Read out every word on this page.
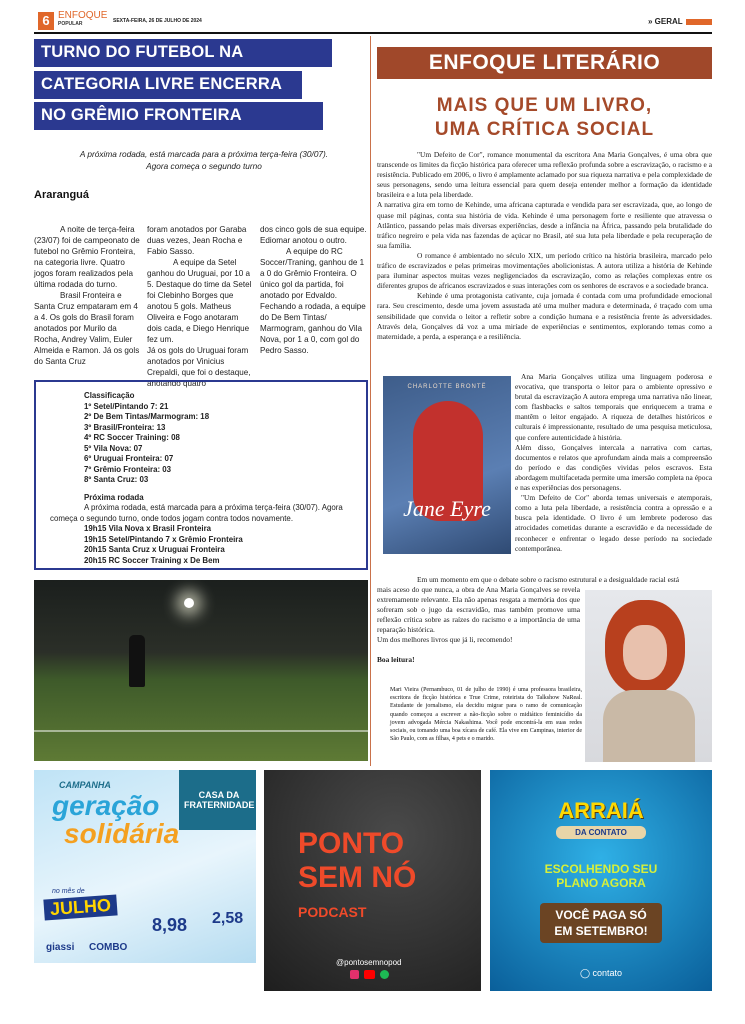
6 ENFOQUE
POPULAR	SEXTA-FEIRA, 26 DE JULHO DE 2024	» GERAL
TURNO DO FUTEBOL NA
CATEGORIA LIVRE ENCERRA
NO GRÊMIO FRONTEIRA
A próxima rodada, está marcada para a próxima terça-feira (30/07).
Agora começa o segundo turno
Araranguá

A noite de terça-feira (23/07) foi de campeonato de futebol no Grêmio Fronteira, na categoria livre. Quatro jogos foram realizados pela última rodada do turno.

Brasil Fronteira e Santa Cruz empataram em 4 a 4. Os gols do Brasil foram anotados por Murilo da Rocha, Andrey Valim, Euler Almeida e Ramon. Já os gols do Santa Cruz

foram anotados por Garaba duas vezes, Jean Rocha e Fabio Sasso.

A equipe da Setel ganhou do Uruguai, por 10 a 5. Destaque do time da Setel foi Clebinho Borges que anotou 5 gols. Matheus Oliveira e Fogo anotaram dois cada, e Diego Henrique fez um.

Já os gols do Uruguai foram anotados por Vinicius Crepaldi, que foi o destaque, anotando quatro

dos cinco gols de sua equipe. Ediomar anotou o outro.

A equipe do RC Soccer/Traning, ganhou de 1 a 0 do Grêmio Fronteira. O único gol da partida, foi anotado por Edvaldo. Fechando a rodada, a equipe do De Bem Tintas/ Marmogram, ganhou do Vila Nova, por 1 a 0, com gol do Pedro Sasso.

Classificação
1º Setel/Pintando 7: 21
2º De Bem Tintas/Marmogram: 18
3º Brasil/Fronteira: 13
4º RC Soccer Training: 08
5º Vila Nova: 07
6º Uruguai Fronteira: 07
7º Grêmio Fronteira: 03
8º Santa Cruz: 03
Próxima rodada
A próxima rodada, está marcada para a próxima terça-feira (30/07). Agora começa o segundo turno, onde todos jogam contra todos novamente.
19h15 Vila Nova x Brasil Fronteira
19h15 Setel/Pintando 7 x Grêmio Fronteira
20h15 Santa Cruz x Uruguai Fronteira
20h15 RC Soccer Training x De Bem
ENFOQUE LITERÁRIO
MAIS QUE UM LIVRO,
UMA CRÍTICA SOCIAL

"Um Defeito de Cor", romance monumental da escritora Ana Maria Gonçalves, é uma obra que transcende os limites da ficção histórica para oferecer uma reflexão profunda sobre a escravização, o racismo e a resistência. Publicado em 2006, o livro é amplamente aclamado por sua riqueza narrativa e pela complexidade de seus personagens, sendo uma leitura essencial para quem deseja entender melhor a formação da identidade brasileira e a luta pela liberdade.

A narrativa gira em torno de Kehinde, uma africana capturada e vendida para ser escravizada, que, ao longo de quase mil páginas, conta sua história de vida. Kehinde é uma personagem forte e resiliente que atravessa o Atlântico, passando pelas mais diversas experiências, desde a infância na África, passando pela brutalidade do tráfico negreiro e pela vida nas fazendas de açúcar no Brasil, até sua luta pela liberdade e pela recuperação de sua família.

O romance é ambientado no século XIX, um período crítico na história brasileira, marcado pelo tráfico de escravizados e pelas primeiras movimentações abolicionistas. A autora utiliza a história de Kehinde para iluminar aspectos muitas vezes negligenciados da escravização, como as relações complexas entre os diferentes grupos de africanos escravizados e suas interações com os senhores de escravos e a sociedade branca.

Kehinde é uma protagonista cativante, cuja jornada é contada com uma profundidade emocional rara. Seu crescimento, desde uma jovem assustada até uma mulher madura e determinada, é traçado com uma sensibilidade que convida o leitor a refletir sobre a condição humana e a resistência frente às adversidades. Através dela, Gonçalves dá voz a uma miríade de experiências e sentimentos, explorando temas como a maternidade, a perda, a esperança e a resiliência.

CHARLOTTE BRONTË
Jane Eyre

Ana Maria Gonçalves utiliza uma linguagem poderosa e evocativa, que transporta o leitor para o ambiente opressivo e brutal da escravização A autora emprega uma narrativa não linear, com flashbacks e saltos temporais que enriquecem a trama e mantêm o leitor engajado. A riqueza de detalhes históricos e culturais é impressionante, resultado de uma pesquisa meticulosa, que confere autenticidade à história.

Além disso, Gonçalves intercala a narrativa com cartas, documentos e relatos que aprofundam ainda mais a compreensão do período e das condições vividas pelos escravos. Esta abordagem multifacetada permite uma imersão completa na época e nas experiências dos personagens.

"Um Defeito de Cor" aborda temas universais e atemporais, como a luta pela liberdade, a resistência contra a opressão e a busca pela identidade. O livro é um lembrete poderoso das atrocidades cometidas durante a escravidão e da necessidade de reconhecer e enfrentar o legado desse período na sociedade contemporânea.

Em um momento em que o debate sobre o racismo estrutural e a desigualdade racial está

mais aceso do que nunca, a obra de Ana Maria Gonçalves se revela extremamente relevante. Ela não apenas resgata a memória dos que sofreram sob o jugo da escravidão, mas também promove uma reflexão crítica sobre as raízes do racismo e a importância de uma reparação histórica.

Um dos melhores livros que já li, recomendo!

Boa leitura!

Mari Vieira (Pernambuco, 01 de julho de 1990) é uma professora brasileira, escritora de ficção histórica e True Crime, roteirista do Talkshow NaReal. Estudante de jornalismo, ela decidiu migrar para o ramo de comunicação quando começou a escrever a não-ficção sobre o midiático feminicídio da jovem advogada Mércia Nakashima. Você pode encontrá-la em suas redes sociais, ou tomando uma boa xícara de café. Ela vive em Campinas, interior de São Paulo, com as filhas, 4 pets e o marido.
CASA DA FRATERNIDADE
CAMPANHA
geração
solidária
no mês de
JULHO
8,98 2,58
giassi COMBO
PONTO
SEM NÓ
PODCAST
@pontosemnopod
ARRAIÁ
DA CONTATO
ESCOLHENDO SEU
PLANO AGORA
VOCÊ PAGA SÓ
EM SETEMBRO!
◯ contato
